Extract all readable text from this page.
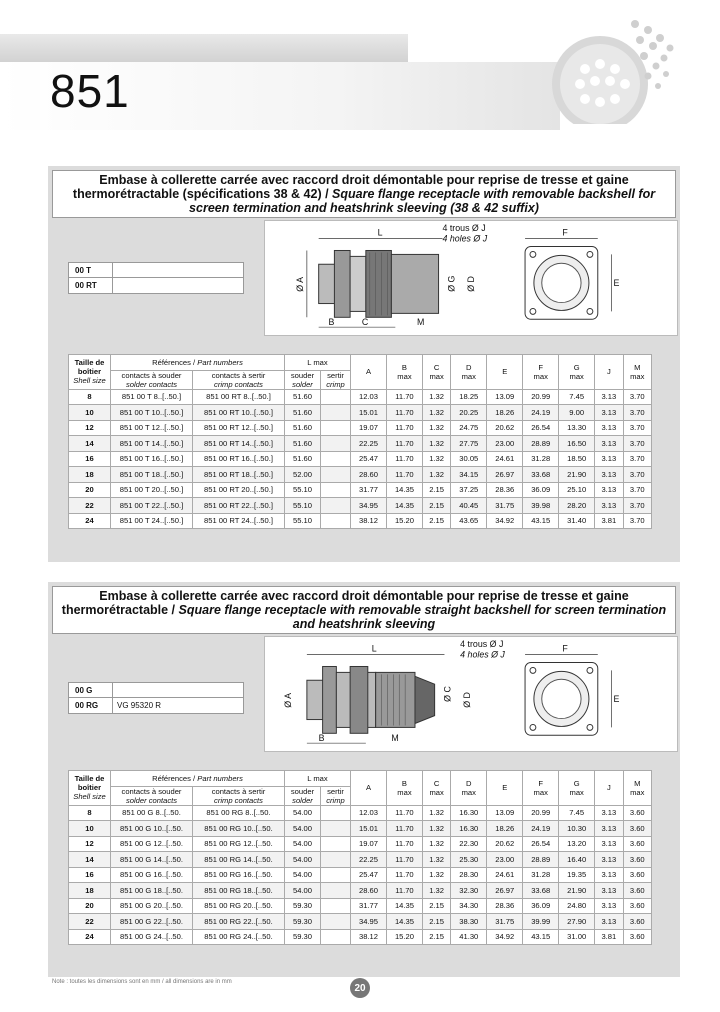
851
Embase à collerette carrée avec raccord droit démontable pour reprise de tresse et gaine thermorétractable (spécifications 38 & 42) / Square flange receptacle with removable backshell for screen termination and heatshrink sleeving (38 & 42 suffix)
00 T
00 RT
L
Ø A	Ø G Ø D
B	C	M
4 trous Ø J
4 holes Ø J
F
E
Taille de boîtier
Shell size	Références / Part numbers		L max		A	B
max	C
max	D
max	E	F
max	G
max	J	M
max
	contacts à souder
solder contacts	contacts à sertir
crimp contacts	souder
solder	sertir
crimp									
8	851 00 T 8..[..50.]	851 00 RT 8..[..50.]	51.60		12.03	11.70	1.32	18.25	13.09	20.99	7.45	3.13	3.70
10	851 00 T 10..[..50.]	851 00 RT 10..[..50.]	51.60		15.01	11.70	1.32	20.25	18.26	24.19	9.00	3.13	3.70
12	851 00 T 12..[..50.]	851 00 RT 12..[..50.]	51.60		19.07	11.70	1.32	24.75	20.62	26.54	13.30	3.13	3.70
14	851 00 T 14..[..50.]	851 00 RT 14..[..50.]	51.60		22.25	11.70	1.32	27.75	23.00	28.89	16.50	3.13	3.70
16	851 00 T 16..[..50.]	851 00 RT 16..[..50.]	51.60		25.47	11.70	1.32	30.05	24.61	31.28	18.50	3.13	3.70
18	851 00 T 18..[..50.]	851 00 RT 18..[..50.]	52.00		28.60	11.70	1.32	34.15	26.97	33.68	21.90	3.13	3.70
20	851 00 T 20..[..50.]	851 00 RT 20..[..50.]	55.10		31.77	14.35	2.15	37.25	28.36	36.09	25.10	3.13	3.70
22	851 00 T 22..[..50.]	851 00 RT 22..[..50.]	55.10		34.95	14.35	2.15	40.45	31.75	39.98	28.20	3.13	3.70
24	851 00 T 24..[..50.]	851 00 RT 24..[..50.]	55.10		38.12	15.20	2.15	43.65	34.92	43.15	31.40	3.81	3.70
Embase à collerette carrée avec raccord droit démontable pour reprise de tresse et gaine thermorétractable / Square flange receptacle with removable straight backshell for screen termination and heatshrink sleeving
00 G
00 RG	VG 95320 R
L
Ø A	Ø C Ø D
B	M
4 trous Ø J
4 holes Ø J
F
E
Taille de boîtier
Shell size	Références / Part numbers		L max		A	B
max	C
max	D
max	E	F
max	G
max	J	M
max
	contacts à souder
solder contacts	contacts à sertir
crimp contacts	souder
solder	sertir
crimp									
8	851 00 G 8..[..50.	851 00 RG 8..[..50.	54.00		12.03	11.70	1.32	16.30	13.09	20.99	7.45	3.13	3.60
10	851 00 G 10..[..50.	851 00 RG 10..[..50.	54.00		15.01	11.70	1.32	16.30	18.26	24.19	10.30	3.13	3.60
12	851 00 G 12..[..50.	851 00 RG 12..[..50.	54.00		19.07	11.70	1.32	22.30	20.62	26.54	13.20	3.13	3.60
14	851 00 G 14..[..50.	851 00 RG 14..[..50.	54.00		22.25	11.70	1.32	25.30	23.00	28.89	16.40	3.13	3.60
16	851 00 G 16..[..50.	851 00 RG 16..[..50.	54.00		25.47	11.70	1.32	28.30	24.61	31.28	19.35	3.13	3.60
18	851 00 G 18..[..50.	851 00 RG 18..[..50.	54.00		28.60	11.70	1.32	32.30	26.97	33.68	21.90	3.13	3.60
20	851 00 G 20..[..50.	851 00 RG 20..[..50.	59.30		31.77	14.35	2.15	34.30	28.36	36.09	24.80	3.13	3.60
22	851 00 G 22..[..50.	851 00 RG 22..[..50.	59.30		34.95	14.35	2.15	38.30	31.75	39.99	27.90	3.13	3.60
24	851 00 G 24..[..50.	851 00 RG 24..[..50.	59.30		38.12	15.20	2.15	41.30	34.92	43.15	31.00	3.81	3.60
Note : toutes les dimensions sont en mm / all dimensions are in mm
20
